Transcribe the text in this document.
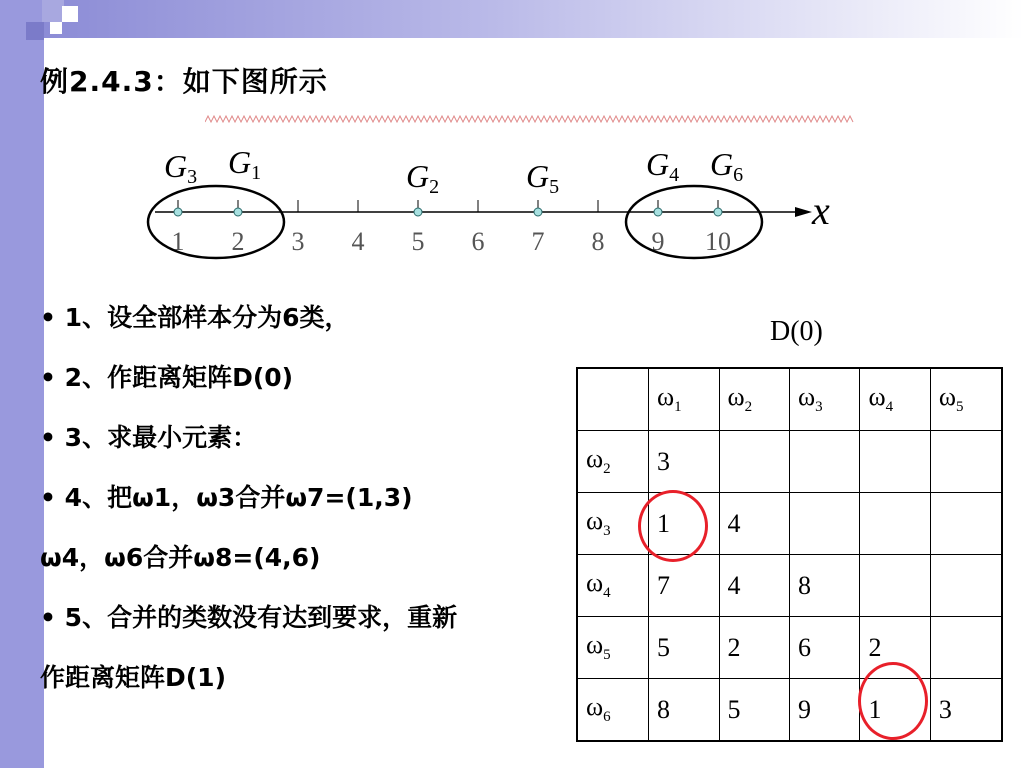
例2.4.3：如下图所示
x
1 2 3 4 5 6 7 8 9 10
G3 G1	G2	G5
G4 G6
• 1、设全部样本分为6类，
• 2、作距离矩阵D(0)
• 3、求最小元素：
• 4、把ω1，ω3合并ω7=(1,3)
ω4，ω6合并ω8=(4,6)
• 5、合并的类数没有达到要求，重新
作距离矩阵D(1)
D(0)
	$\omega_1$	$\omega_2$	$\omega_3$	$\omega_4$	$\omega_5$
$\omega_2$	3				
$\omega_3$	1	4			
$\omega_4$	7	4	8		
$\omega_5$	5	2	6	2	
$\omega_6$	8	5	9	1	3
